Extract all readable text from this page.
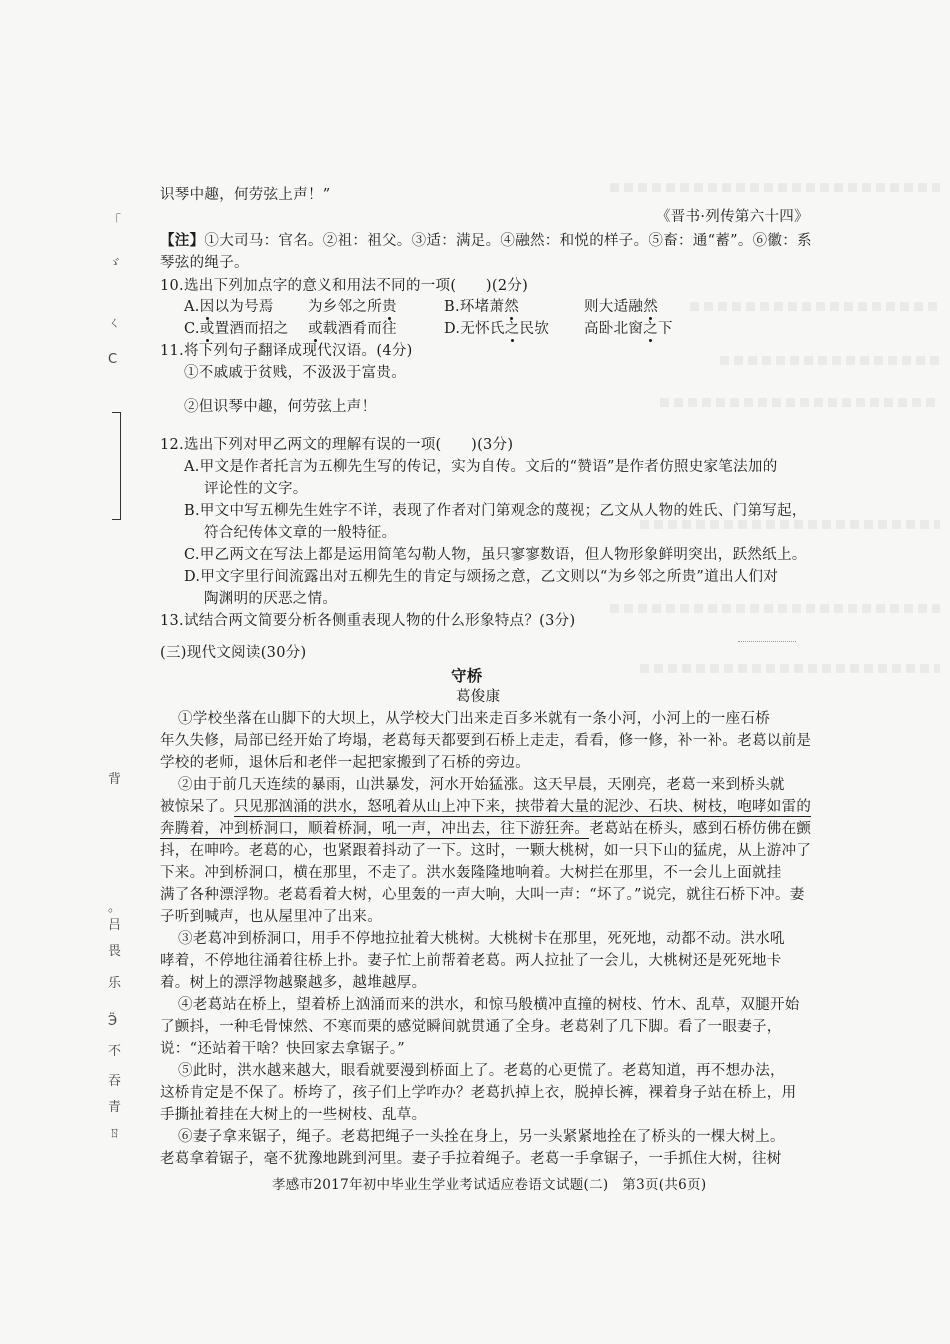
「
ゞ
ㄑ
C
背
。
吕
畏
乐
Ӭ
不
吞
青
ㄖ
识琴中趣，何劳弦上声！”
《晋书·列传第六十四》
【注】①大司马：官名。②祖：祖父。③适：满足。④融然：和悦的样子。⑤畜：通“蓄”。⑥徽：系
琴弦的绳子。
10.选出下列加点字的意义和用法不同的一项(　　)(2分)
A.因以为号焉 为乡邻之所贵	B.环堵萧然	则大适融然
C.或置酒而招之 或载酒肴而往	D.无怀氏之民欤 高卧北窗之下
11.将下列句子翻译成现代汉语。(4分)
①不戚戚于贫贱，不汲汲于富贵。
②但识琴中趣，何劳弦上声！
12.选出下列对甲乙两文的理解有误的一项(　　)(3分)
A.甲文是作者托言为五柳先生写的传记，实为自传。文后的“赞语”是作者仿照史家笔法加的
评论性的文字。
B.甲文中写五柳先生姓字不详，表现了作者对门第观念的蔑视；乙文从人物的姓氏、门第写起，
符合纪传体文章的一般特征。
C.甲乙两文在写法上都是运用简笔勾勒人物，虽只寥寥数语，但人物形象鲜明突出，跃然纸上。
D.甲文字里行间流露出对五柳先生的肯定与颂扬之意，乙文则以“为乡邻之所贵”道出人们对
陶渊明的厌恶之情。
13.试结合两文简要分析各侧重表现人物的什么形象特点？(3分)
(三)现代文阅读(30分)
守桥
葛俊康
①学校坐落在山脚下的大坝上，从学校大门出来走百多米就有一条小河，小河上的一座石桥
年久失修，局部已经开始了垮塌，老葛每天都要到石桥上走走，看看，修一修，补一补。老葛以前是
学校的老师，退休后和老伴一起把家搬到了石桥的旁边。
②由于前几天连续的暴雨，山洪暴发，河水开始猛涨。这天早晨，天刚亮，老葛一来到桥头就
被惊呆了。只见那汹涌的洪水，怒吼着从山上冲下来，挟带着大量的泥沙、石块、树枝，咆哮如雷的
奔腾着，冲到桥洞口，顺着桥洞，吼一声，冲出去，往下游狂奔。老葛站在桥头，感到石桥仿佛在颤
抖，在呻吟。老葛的心，也紧跟着抖动了一下。这时，一颗大桃树，如一只下山的猛虎，从上游冲了
下来。冲到桥洞口，横在那里，不走了。洪水轰隆隆地响着。大树拦在那里，不一会儿上面就挂
满了各种漂浮物。老葛看着大树，心里轰的一声大响，大叫一声：“坏了。”说完，就往石桥下冲。妻
子听到喊声，也从屋里冲了出来。
③老葛冲到桥洞口，用手不停地拉扯着大桃树。大桃树卡在那里，死死地，动都不动。洪水吼
哮着，不停地往涌着往桥上扑。妻子忙上前帮着老葛。两人拉扯了一会儿，大桃树还是死死地卡
着。树上的漂浮物越聚越多，越堆越厚。
④老葛站在桥上，望着桥上汹涌而来的洪水，和惊马般横冲直撞的树枝、竹木、乱草，双腿开始
了颤抖，一种毛骨悚然、不寒而栗的感觉瞬间就贯通了全身。老葛剁了几下脚。看了一眼妻子，
说：“还站着干啥？快回家去拿锯子。”
⑤此时，洪水越来越大，眼看就要漫到桥面上了。老葛的心更慌了。老葛知道，再不想办法，
这桥肯定是不保了。桥垮了，孩子们上学咋办？老葛扒掉上衣，脱掉长裤，裸着身子站在桥上，用
手撕扯着挂在大树上的一些树枝、乱草。
⑥妻子拿来锯子，绳子。老葛把绳子一头拴在身上，另一头紧紧地拴在了桥头的一棵大树上。
老葛拿着锯子，毫不犹豫地跳到河里。妻子手拉着绳子。老葛一手拿锯子，一手抓住大树，往树
孝感市2017年初中毕业生学业考试适应卷语文试题(二)　第3页(共6页)
